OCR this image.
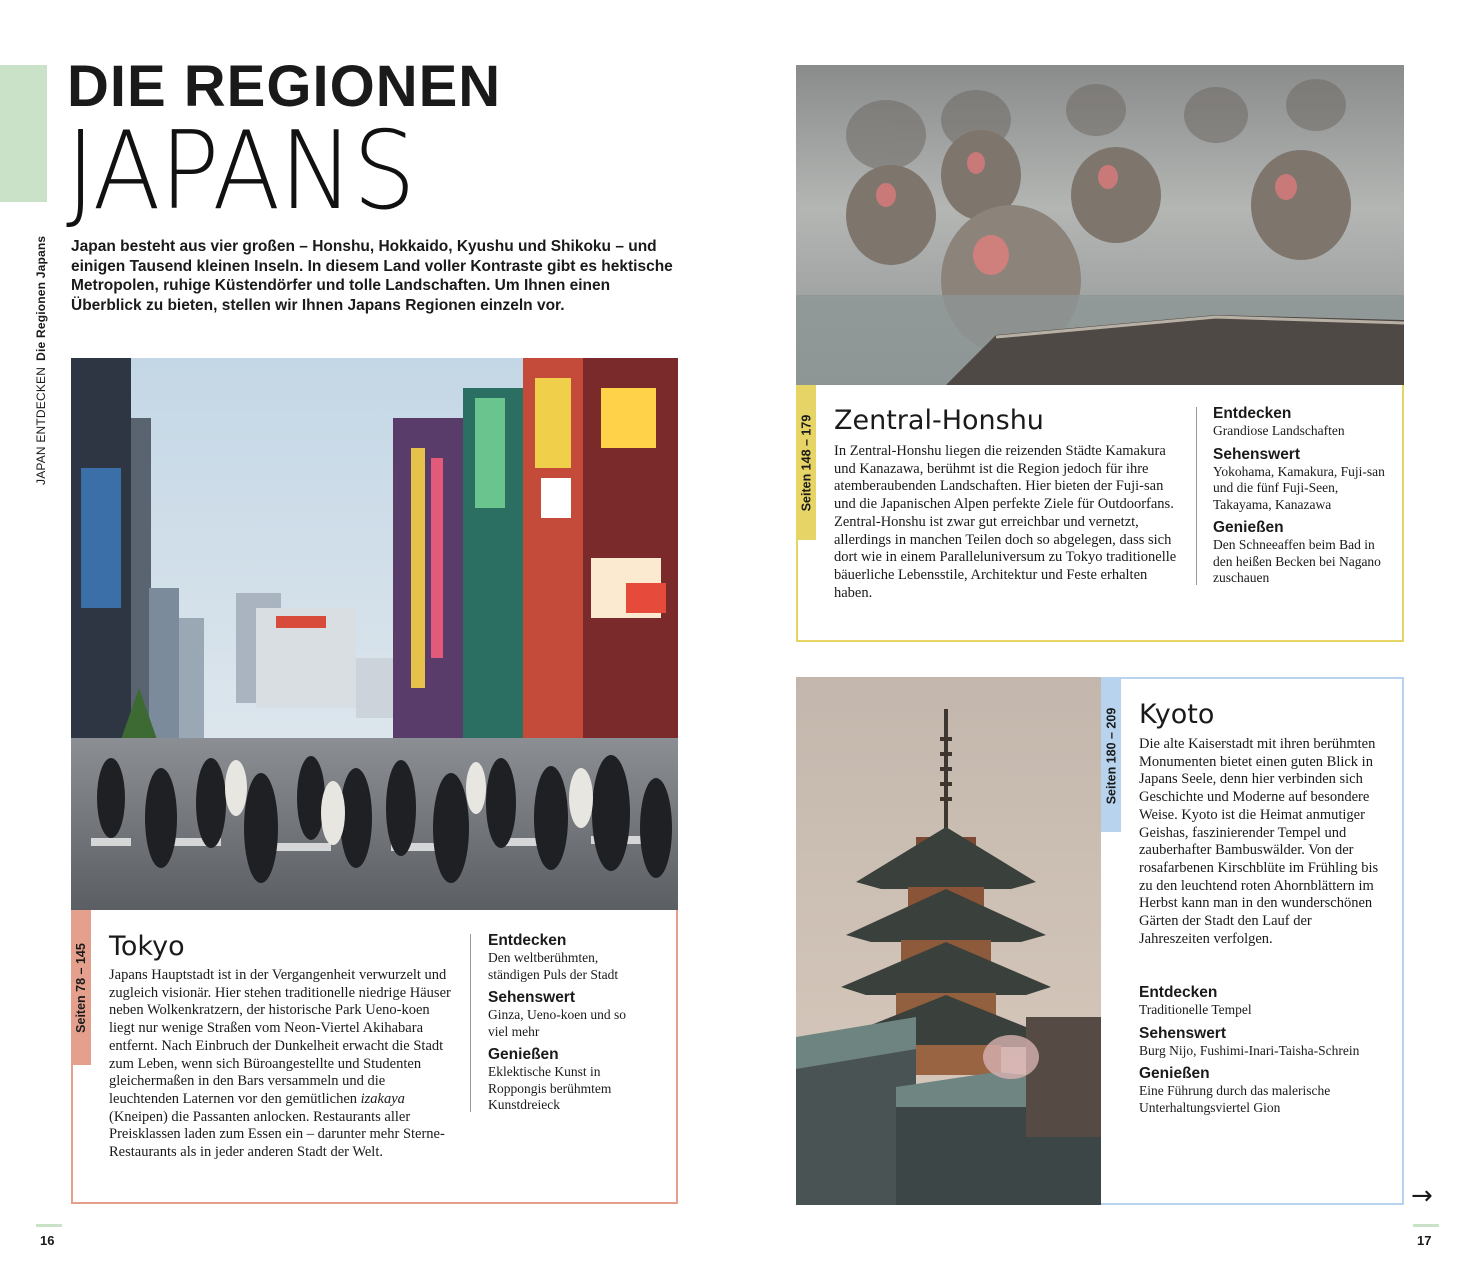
JAPAN ENTDECKENDie Regionen Japans
DIE REGIONEN
JAPANS
Japan besteht aus vier großen – Honshu, Hokkaido, Kyushu und Shikoku – und einigen Tausend kleinen Inseln. In diesem Land voller Kontraste gibt es hektische Metropolen, ruhige Küstendörfer und tolle Landschaften. Um Ihnen einen Überblick zu bieten, stellen wir Ihnen Japans Regionen einzeln vor.
Seiten 78 – 145 Tokyo
Japans Hauptstadt ist in der Vergangenheit verwurzelt und zugleich visionär. Hier stehen traditionelle niedrige Häuser neben Wolkenkratzern, der historische Park Ueno-koen liegt nur wenige Straßen vom Neon-Viertel Akihabara entfernt. Nach Einbruch der Dunkelheit erwacht die Stadt zum Leben, wenn sich Büroangestellte und Studenten gleichermaßen in den Bars versammeln und die leuchtenden Laternen vor den gemütlichen izakaya (Kneipen) die Passanten anlocken. Restaurants aller Preisklassen laden zum Essen ein – darunter mehr Sterne-Restaurants als in jeder anderen Stadt der Welt.
Entdecken
Den weltberühmten, ständigen Puls der Stadt
Sehenswert
Ginza, Ueno-koen und so viel mehr
Genießen
Eklektische Kunst in Roppongis berühmtem Kunstdreieck
Seiten 148 – 179 Zentral-Honshu
In Zentral-Honshu liegen die reizenden Städte Kamakura und Kanazawa, berühmt ist die Region jedoch für ihre atemberaubenden Landschaften. Hier bieten der Fuji-san und die Japanischen Alpen perfekte Ziele für Outdoorfans. Zentral-Honshu ist zwar gut erreichbar und vernetzt, allerdings in manchen Teilen doch so abgelegen, dass sich dort wie in einem Paralleluniversum zu Tokyo traditionelle bäuerliche Lebensstile, Architektur und Feste erhalten haben.
Entdecken
Grandiose Landschaften
Sehenswert
Yokohama, Kamakura, Fuji-san und die fünf Fuji-Seen, Takayama, Kanazawa
Genießen
Den Schneeaffen beim Bad in den heißen Becken bei Nagano zuschauen
Seiten 180 – 209 Kyoto
Die alte Kaiserstadt mit ihren berühmten Monumenten bietet einen guten Blick in Japans Seele, denn hier verbinden sich Geschichte und Moderne auf besondere Weise. Kyoto ist die Heimat anmutiger Geishas, faszinierender Tempel und zauberhafter Bambuswälder. Von der rosafarbenen Kirschblüte im Frühling bis zu den leuchtend roten Ahornblättern im Herbst kann man in den wunderschönen Gärten der Stadt den Lauf der Jahreszeiten verfolgen.
Entdecken
Traditionelle Tempel
Sehenswert
Burg Nijo, Fushimi-Inari-Taisha-Schrein
Genießen
Eine Führung durch das malerische Unterhaltungsviertel Gion
→
16	17
